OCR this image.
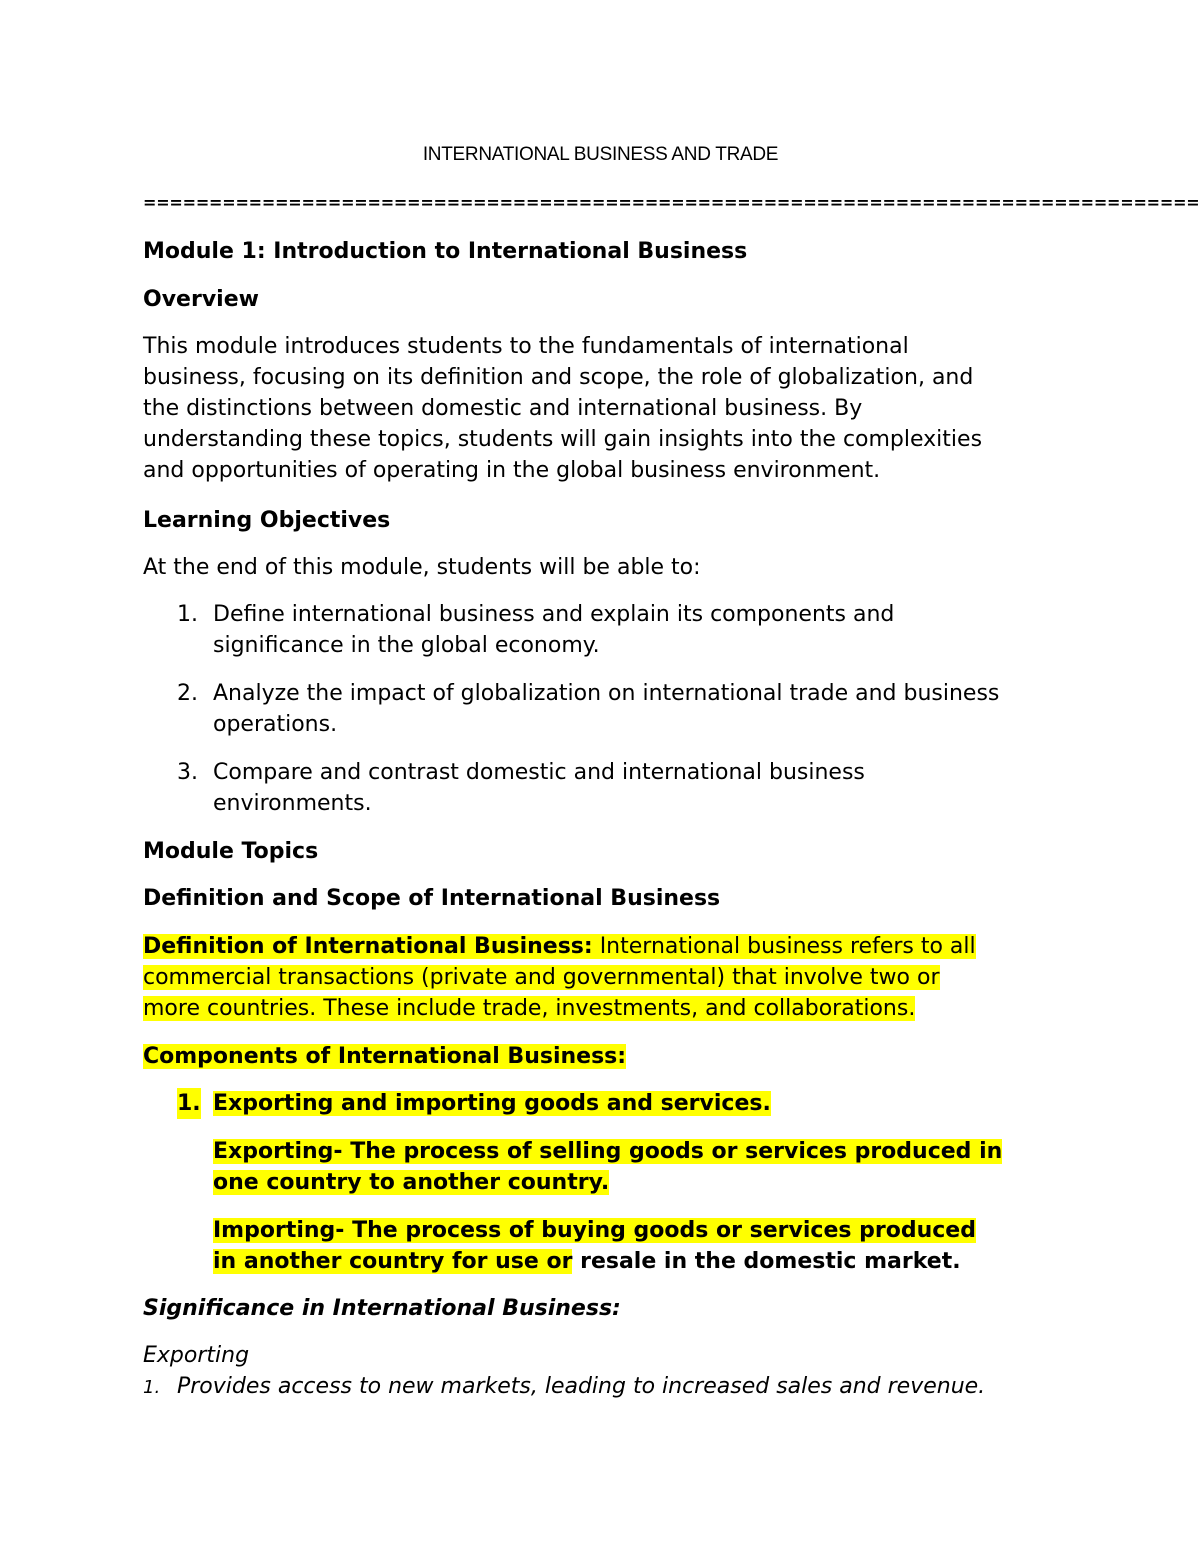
INTERNATIONAL BUSINESS AND TRADE
================================================================================
Module 1: Introduction to International Business
Overview
This module introduces students to the fundamentals of international
business, focusing on its definition and scope, the role of globalization, and
the distinctions between domestic and international business. By
understanding these topics, students will gain insights into the complexities
and opportunities of operating in the global business environment.
Learning Objectives
At the end of this module, students will be able to:
1. Define international business and explain its components and
significance in the global economy.
2. Analyze the impact of globalization on international trade and business
operations.
3. Compare and contrast domestic and international business
environments.
Module Topics
Definition and Scope of International Business
Definition of International Business: International business refers to all
commercial transactions (private and governmental) that involve two or
more countries. These include trade, investments, and collaborations.
Components of International Business:
1. Exporting and importing goods and services.
Exporting- The process of selling goods or services produced in
one country to another country.
Importing- The process of buying goods or services produced
in another country for use or resale in the domestic market.
Significance in International Business:
Exporting
1. Provides access to new markets, leading to increased sales and revenue.
